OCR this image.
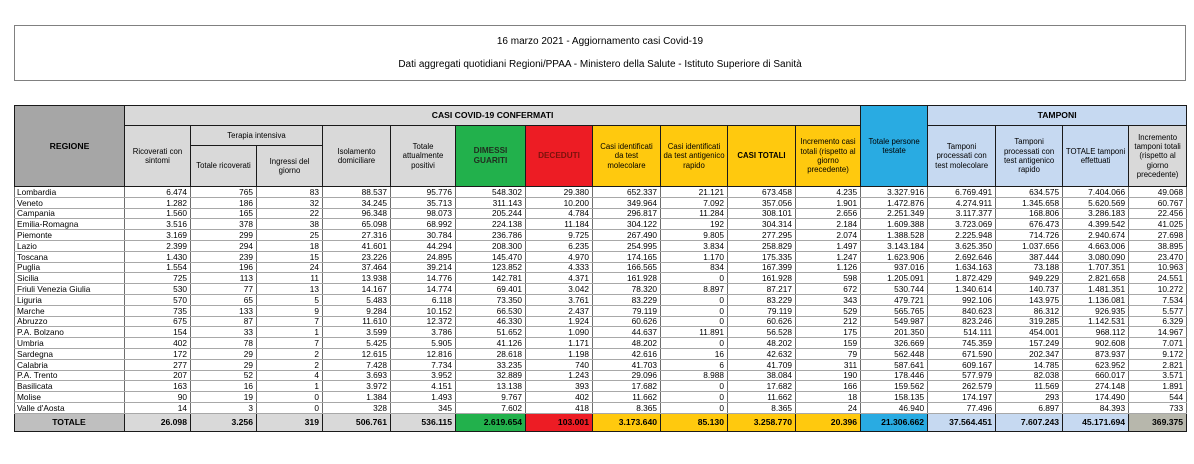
16 marzo 2021 - Aggiornamento casi Covid-19
Dati aggregati quotidiani Regioni/PPAA - Ministero della Salute - Istituto Superiore di Sanità
REGIONE	CASI COVID-19 CONFERMATI											Totale persone testate	TAMPONI			
	Ricoverati con sintomi	Terapia intensiva		Isolamento domiciliare	Totale attualmente positivi	DIMESSI GUARITI	DECEDUTI	Casi identificati da test molecolare	Casi identificati da test antigenico rapido	CASI TOTALI	Incremento casi totali (rispetto al giorno precedente)		Tamponi processati con test molecolare	Tamponi processati con test antigenico rapido	TOTALE tamponi effettuati	Incremento tamponi totali (rispetto al giorno precedente)
		Totale ricoverati	Ingressi del giorno													
Lombardia	6.474	765	83	88.537	95.776	548.302	29.380	652.337	21.121	673.458	4.235	3.327.916	6.769.491	634.575	7.404.066	49.068
Veneto	1.282	186	32	34.245	35.713	311.143	10.200	349.964	7.092	357.056	1.901	1.472.876	4.274.911	1.345.658	5.620.569	60.767
Campania	1.560	165	22	96.348	98.073	205.244	4.784	296.817	11.284	308.101	2.656	2.251.349	3.117.377	168.806	3.286.183	22.456
Emilia-Romagna	3.516	378	38	65.098	68.992	224.138	11.184	304.122	192	304.314	2.184	1.609.388	3.723.069	676.473	4.399.542	41.025
Piemonte	3.169	299	25	27.316	30.784	236.786	9.725	267.490	9.805	277.295	2.074	1.388.528	2.225.948	714.726	2.940.674	27.698
Lazio	2.399	294	18	41.601	44.294	208.300	6.235	254.995	3.834	258.829	1.497	3.143.184	3.625.350	1.037.656	4.663.006	38.895
Toscana	1.430	239	15	23.226	24.895	145.470	4.970	174.165	1.170	175.335	1.247	1.623.906	2.692.646	387.444	3.080.090	23.470
Puglia	1.554	196	24	37.464	39.214	123.852	4.333	166.565	834	167.399	1.126	937.016	1.634.163	73.188	1.707.351	10.963
Sicilia	725	113	11	13.938	14.776	142.781	4.371	161.928	0	161.928	598	1.205.091	1.872.429	949.229	2.821.658	24.551
Friuli Venezia Giulia	530	77	13	14.167	14.774	69.401	3.042	78.320	8.897	87.217	672	530.744	1.340.614	140.737	1.481.351	10.272
Liguria	570	65	5	5.483	6.118	73.350	3.761	83.229	0	83.229	343	479.721	992.106	143.975	1.136.081	7.534
Marche	735	133	9	9.284	10.152	66.530	2.437	79.119	0	79.119	529	565.765	840.623	86.312	926.935	5.577
Abruzzo	675	87	7	11.610	12.372	46.330	1.924	60.626	0	60.626	212	549.987	823.246	319.285	1.142.531	6.329
P.A. Bolzano	154	33	1	3.599	3.786	51.652	1.090	44.637	11.891	56.528	175	201.350	514.111	454.001	968.112	14.967
Umbria	402	78	7	5.425	5.905	41.126	1.171	48.202	0	48.202	159	326.669	745.359	157.249	902.608	7.071
Sardegna	172	29	2	12.615	12.816	28.618	1.198	42.616	16	42.632	79	562.448	671.590	202.347	873.937	9.172
Calabria	277	29	2	7.428	7.734	33.235	740	41.703	6	41.709	311	587.641	609.167	14.785	623.952	2.821
P.A. Trento	207	52	4	3.693	3.952	32.889	1.243	29.096	8.988	38.084	190	178.446	577.979	82.038	660.017	3.571
Basilicata	163	16	1	3.972	4.151	13.138	393	17.682	0	17.682	166	159.562	262.579	11.569	274.148	1.891
Molise	90	19	0	1.384	1.493	9.767	402	11.662	0	11.662	18	158.135	174.197	293	174.490	544
Valle d'Aosta	14	3	0	328	345	7.602	418	8.365	0	8.365	24	46.940	77.496	6.897	84.393	733
TOTALE	26.098	3.256	319	506.761	536.115	2.619.654	103.001	3.173.640	85.130	3.258.770	20.396	21.306.662	37.564.451	7.607.243	45.171.694	369.375
